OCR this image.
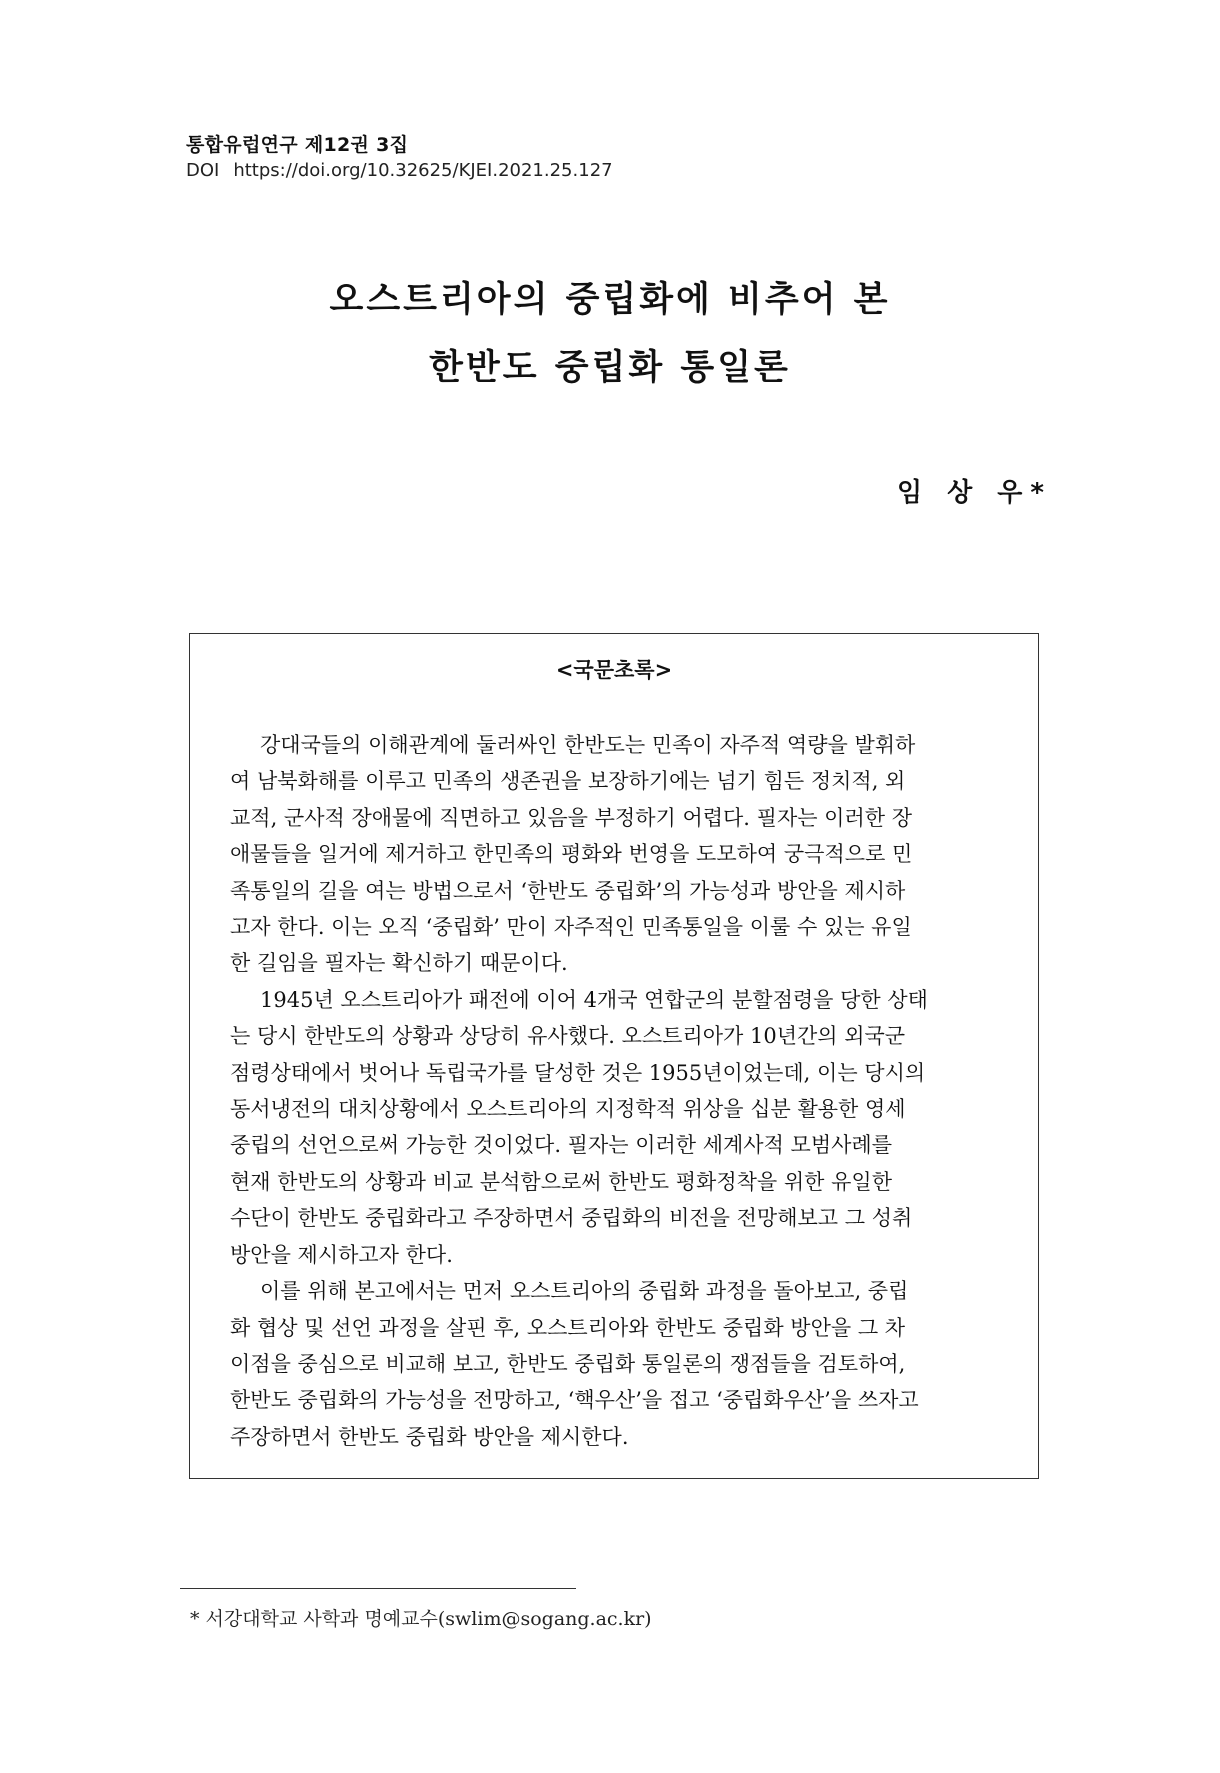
통합유럽연구 제12권 3집
DOI https://doi.org/10.32625/KJEI.2021.25.127
오스트리아의 중립화에 비추어 본
한반도 중립화 통일론
임 상 우*
<국문초록>
강대국들의 이해관계에 둘러싸인 한반도는 민족이 자주적 역량을 발휘하
여 남북화해를 이루고 민족의 생존권을 보장하기에는 넘기 힘든 정치적, 외
교적, 군사적 장애물에 직면하고 있음을 부정하기 어렵다. 필자는 이러한 장
애물들을 일거에 제거하고 한민족의 평화와 번영을 도모하여 궁극적으로 민
족통일의 길을 여는 방법으로서 ‘한반도 중립화’의 가능성과 방안을 제시하
고자 한다. 이는 오직 ‘중립화’ 만이 자주적인 민족통일을 이룰 수 있는 유일
한 길임을 필자는 확신하기 때문이다.
1945년 오스트리아가 패전에 이어 4개국 연합군의 분할점령을 당한 상태
는 당시 한반도의 상황과 상당히 유사했다. 오스트리아가 10년간의 외국군
점령상태에서 벗어나 독립국가를 달성한 것은 1955년이었는데, 이는 당시의
동서냉전의 대치상황에서 오스트리아의 지정학적 위상을 십분 활용한 영세
중립의 선언으로써 가능한 것이었다. 필자는 이러한 세계사적 모범사례를
현재 한반도의 상황과 비교 분석함으로써 한반도 평화정착을 위한 유일한
수단이 한반도 중립화라고 주장하면서 중립화의 비전을 전망해보고 그 성취
방안을 제시하고자 한다.
이를 위해 본고에서는 먼저 오스트리아의 중립화 과정을 돌아보고, 중립
화 협상 및 선언 과정을 살핀 후, 오스트리아와 한반도 중립화 방안을 그 차
이점을 중심으로 비교해 보고, 한반도 중립화 통일론의 쟁점들을 검토하여,
한반도 중립화의 가능성을 전망하고, ‘핵우산’을 접고 ‘중립화우산’을 쓰자고
주장하면서 한반도 중립화 방안을 제시한다.
* 서강대학교 사학과 명예교수(swlim@sogang.ac.kr)
